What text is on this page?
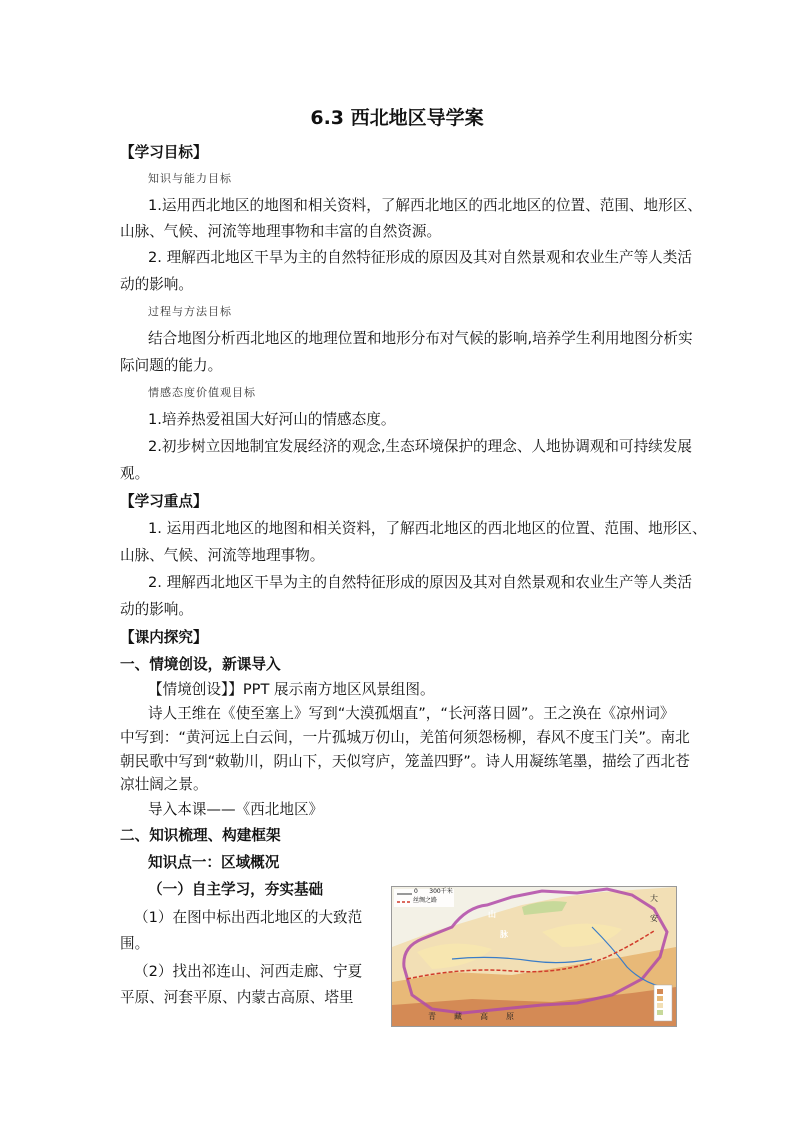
6.3 西北地区导学案
【学习目标】
知识与能力目标
1.运用西北地区的地图和相关资料，了解西北地区的西北地区的位置、范围、地形区、
山脉、气候、河流等地理事物和丰富的自然资源。
2. 理解西北地区干旱为主的自然特征形成的原因及其对自然景观和农业生产等人类活
动的影响。
过程与方法目标
结合地图分析西北地区的地理位置和地形分布对气候的影响,培养学生利用地图分析实
际问题的能力。
情感态度价值观目标
1.培养热爱祖国大好河山的情感态度。
2.初步树立因地制宜发展经济的观念,生态环境保护的理念、人地协调观和可持续发展
观。
【学习重点】
1. 运用西北地区的地图和相关资料，了解西北地区的西北地区的位置、范围、地形区、
山脉、气候、河流等地理事物。
2. 理解西北地区干旱为主的自然特征形成的原因及其对自然景观和农业生产等人类活
动的影响。
【课内探究】
一、情境创设，新课导入
【情境创设】】PPT 展示南方地区风景组图。
诗人王维在《使至塞上》写到“大漠孤烟直”，“长河落日圆”。王之涣在《凉州词》
中写到：“黄河远上白云间，一片孤城万仞山，羌笛何须怨杨柳，春风不度玉门关”。南北
朝民歌中写到“敕勒川，阴山下，天似穹庐，笼盖四野”。诗人用凝练笔墨，描绘了西北苍
凉壮阔之景。
导入本课——《西北地区》
二、知识梳理、构建框架
知识点一：区域概况
（一）自主学习，夯实基础
（1）在图中标出西北地区的大致范
围。
（2）找出祁连山、河西走廊、宁夏
平原、河套平原、内蒙古高原、塔里
0      300千米
丝绸之路	大
安
山
脉
青 藏 高 原
